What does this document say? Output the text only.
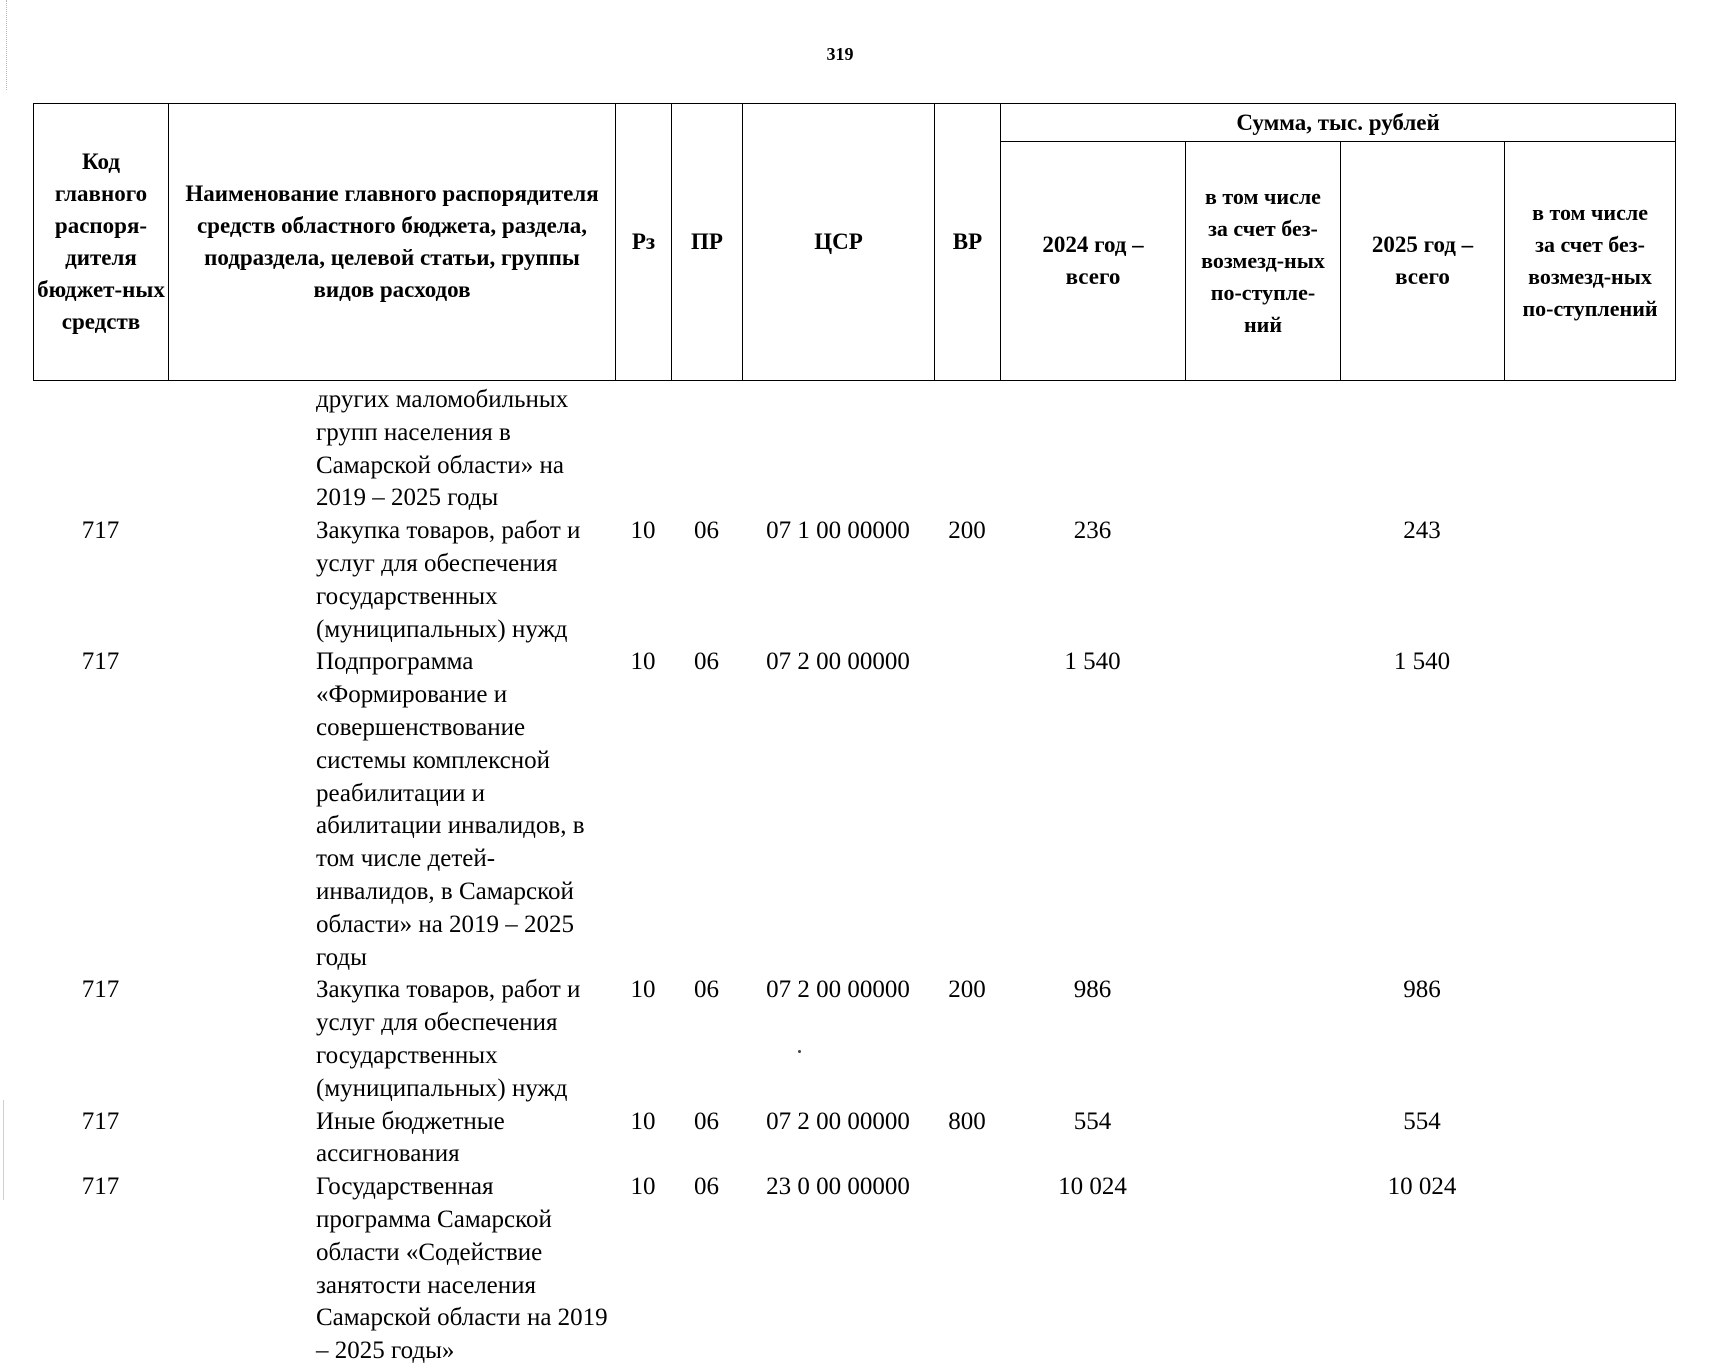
319
Код главного распоря-дителя бюджет-ных средств	Наименование главного распорядителя средств областного бюджета, раздела, подраздела, целевой статьи, группы видов расходов	Рз	ПР	ЦСР	ВР	Сумма, тыс. рублей			
						2024 год – всего	в том числе за счет без-возмезд-ных по-ступле-ний	2025 год – всего	в том числе за счет без-возмезд-ных по-ступлений
	других маломобильных групп населения в Самарской области» на 2019 – 2025 годы								
717	Закупка товаров, работ и услуг для обеспечения государственных (муниципальных) нужд	10	06	07 1 00 00000	200	236		243	
717	Подпрограмма «Формирование и совершенствование системы комплексной реабилитации и абилитации инвалидов, в том числе детей-инвалидов, в Самарской области» на 2019 – 2025 годы	10	06	07 2 00 00000		1 540		1 540	
717	Закупка товаров, работ и услуг для обеспечения государственных (муниципальных) нужд	10	06	07 2 00 00000	200	986		986	
717	Иные бюджетные ассигнования	10	06	07 2 00 00000	800	554		554	
717	Государственная программа Самарской области «Содействие занятости населения Самарской области на 2019 – 2025 годы»	10	06	23 0 00 00000		10 024		10 024	
